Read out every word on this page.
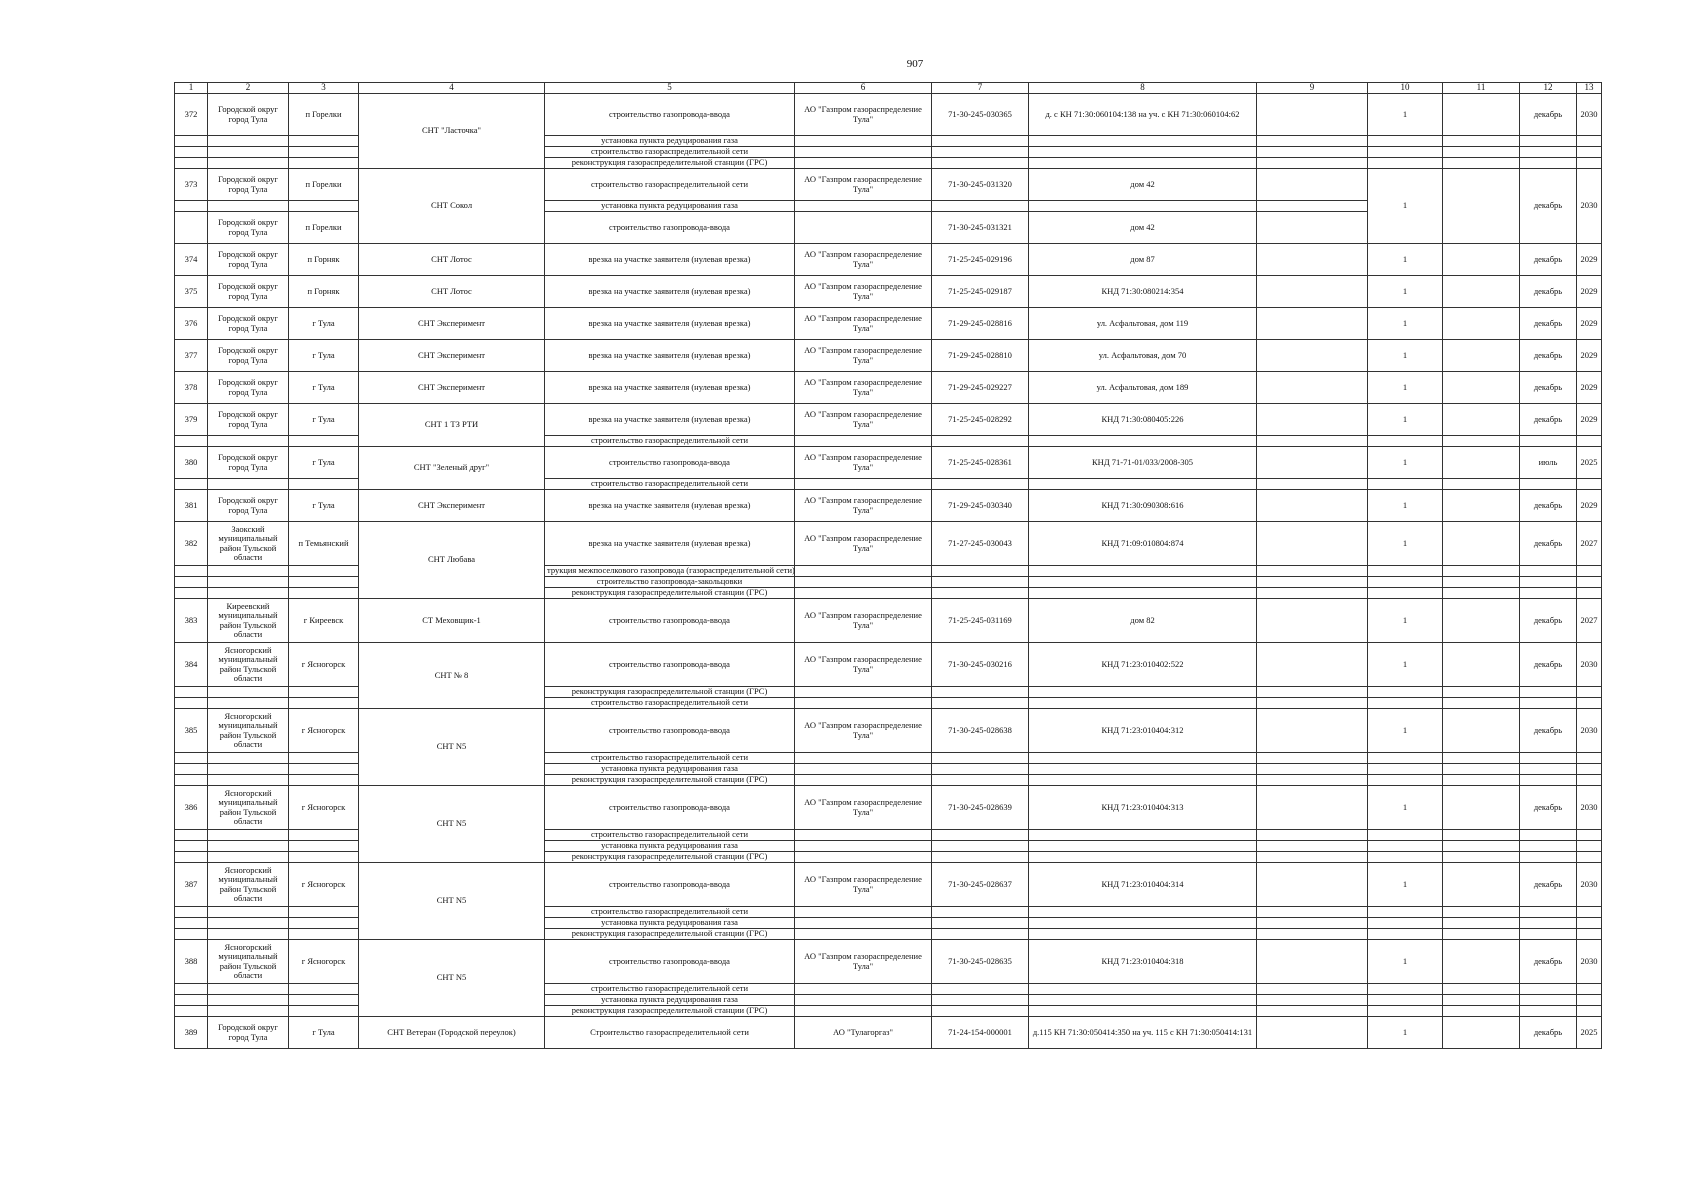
907
1	2	3	4	5	6	7	8	9	10	11	12	13
372	Городской округ город Тула	п Горелки	СНТ "Ласточка"	строительство газопровода-ввода	АО "Газпром газораспределение Тула"	71-30-245-030365	д. с КН 71:30:060104:138 на уч. с КН 71:30:060104:62		1		декабрь	2030
				установка пункта редуцирования газа								
				строительство газораспределительной сети								
				реконструкция газораспределительной станции (ГРС)								
373	Городской округ город Тула	п Горелки	СНТ Сокол	строительство газораспределительной сети	АО "Газпром газораспределение Тула"	71-30-245-031320	дом 42		1		декабрь	2030
				установка пункта редуцирования газа								
	Городской округ город Тула	п Горелки		строительство газопровода-ввода		71-30-245-031321	дом 42					
374	Городской округ город Тула	п Горняк	СНТ Лотос	врезка на участке заявителя (нулевая врезка)	АО "Газпром газораспределение Тула"	71-25-245-029196	дом 87		1		декабрь	2029
375	Городской округ город Тула	п Горняк	СНТ Лотос	врезка на участке заявителя (нулевая врезка)	АО "Газпром газораспределение Тула"	71-25-245-029187	КНД 71:30:080214:354		1		декабрь	2029
376	Городской округ город Тула	г Тула	СНТ Эксперимент	врезка на участке заявителя (нулевая врезка)	АО "Газпром газораспределение Тула"	71-29-245-028816	ул. Асфальтовая, дом 119		1		декабрь	2029
377	Городской округ город Тула	г Тула	СНТ Эксперимент	врезка на участке заявителя (нулевая врезка)	АО "Газпром газораспределение Тула"	71-29-245-028810	ул. Асфальтовая, дом 70		1		декабрь	2029
378	Городской округ город Тула	г Тула	СНТ Эксперимент	врезка на участке заявителя (нулевая врезка)	АО "Газпром газораспределение Тула"	71-29-245-029227	ул. Асфальтовая, дом 189		1		декабрь	2029
379	Городской округ город Тула	г Тула	СНТ 1 ТЗ РТИ	врезка на участке заявителя (нулевая врезка)	АО "Газпром газораспределение Тула"	71-25-245-028292	КНД 71:30:080405:226		1		декабрь	2029
				строительство газораспределительной сети								
380	Городской округ город Тула	г Тула	СНТ "Зеленый друг"	строительство газопровода-ввода	АО "Газпром газораспределение Тула"	71-25-245-028361	КНД 71-71-01/033/2008-305		1		июль	2025
				строительство газораспределительной сети								
381	Городской округ город Тула	г Тула	СНТ Эксперимент	врезка на участке заявителя (нулевая врезка)	АО "Газпром газораспределение Тула"	71-29-245-030340	КНД 71:30:090308:616		1		декабрь	2029
382	Заокский муниципальный район Тульской области	п Темьянский	СНТ Любава	врезка на участке заявителя (нулевая врезка)	АО "Газпром газораспределение Тула"	71-27-245-030043	КНД 71:09:010804:874		1		декабрь	2027
				трукция межпоселкового газопровода (газораспределительной сети)								
				строительство газопровода-закольцовки								
				реконструкция газораспределительной станции (ГРС)								
383	Киреевский муниципальный район Тульской области	г Киреевск	СТ Меховщик-1	строительство газопровода-ввода	АО "Газпром газораспределение Тула"	71-25-245-031169	дом 82		1		декабрь	2027
384	Ясногорский муниципальный район Тульской области	г Ясногорск	СНТ № 8	строительство газопровода-ввода	АО "Газпром газораспределение Тула"	71-30-245-030216	КНД 71:23:010402:522		1		декабрь	2030
				реконструкция газораспределительной станции (ГРС)								
				строительство газораспределительной сети								
385	Ясногорский муниципальный район Тульской области	г Ясногорск	СНТ N5	строительство газопровода-ввода	АО "Газпром газораспределение Тула"	71-30-245-028638	КНД 71:23:010404:312		1		декабрь	2030
				строительство газораспределительной сети								
				установка пункта редуцирования газа								
				реконструкция газораспределительной станции (ГРС)								
386	Ясногорский муниципальный район Тульской области	г Ясногорск	СНТ N5	строительство газопровода-ввода	АО "Газпром газораспределение Тула"	71-30-245-028639	КНД 71:23:010404:313		1		декабрь	2030
				строительство газораспределительной сети								
				установка пункта редуцирования газа								
				реконструкция газораспределительной станции (ГРС)								
387	Ясногорский муниципальный район Тульской области	г Ясногорск	СНТ N5	строительство газопровода-ввода	АО "Газпром газораспределение Тула"	71-30-245-028637	КНД 71:23:010404:314		1		декабрь	2030
				строительство газораспределительной сети								
				установка пункта редуцирования газа								
				реконструкция газораспределительной станции (ГРС)								
388	Ясногорский муниципальный район Тульской области	г Ясногорск	СНТ N5	строительство газопровода-ввода	АО "Газпром газораспределение Тула"	71-30-245-028635	КНД 71:23:010404:318		1		декабрь	2030
				строительство газораспределительной сети								
				установка пункта редуцирования газа								
				реконструкция газораспределительной станции (ГРС)								
389	Городской округ город Тула	г Тула	СНТ Ветеран (Городской переулок)	Строительство газораспределительной сети	АО "Тулагоргаз"	71-24-154-000001	д.115 КН 71:30:050414:350 на уч. 115 с КН 71:30:050414:131		1		декабрь	2025
